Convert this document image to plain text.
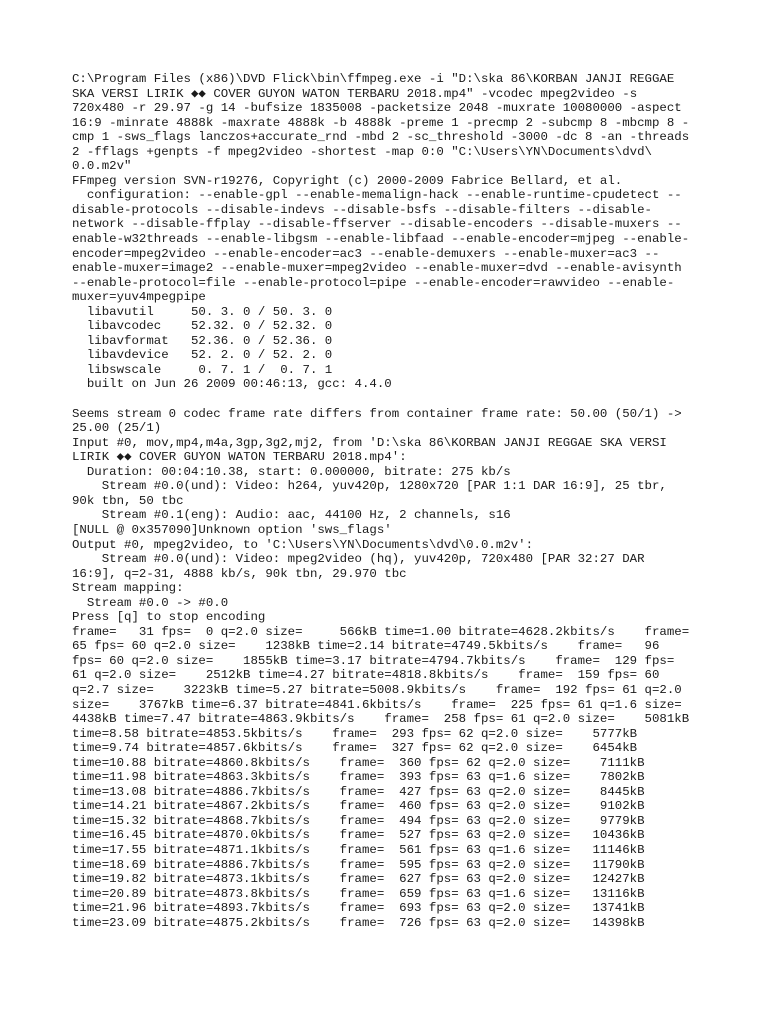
C:\Program Files (x86)\DVD Flick\bin\ffmpeg.exe -i "D:\ska 86\KORBAN JANJI REGGAE
SKA VERSI LIRIK ◆◆ COVER GUYON WATON TERBARU 2018.mp4" -vcodec mpeg2video -s
720x480 -r 29.97 -g 14 -bufsize 1835008 -packetsize 2048 -muxrate 10080000 -aspect
16:9 -minrate 4888k -maxrate 4888k -b 4888k -preme 1 -precmp 2 -subcmp 8 -mbcmp 8 -
cmp 1 -sws_flags lanczos+accurate_rnd -mbd 2 -sc_threshold -3000 -dc 8 -an -threads
2 -fflags +genpts -f mpeg2video -shortest -map 0:0 "C:\Users\YN\Documents\dvd\
0.0.m2v"
FFmpeg version SVN-r19276, Copyright (c) 2000-2009 Fabrice Bellard, et al.
configuration: --enable-gpl --enable-memalign-hack --enable-runtime-cpudetect --
disable-protocols --disable-indevs --disable-bsfs --disable-filters --disable-
network --disable-ffplay --disable-ffserver --disable-encoders --disable-muxers --
enable-w32threads --enable-libgsm --enable-libfaad --enable-encoder=mjpeg --enable-
encoder=mpeg2video --enable-encoder=ac3 --enable-demuxers --enable-muxer=ac3 --
enable-muxer=image2 --enable-muxer=mpeg2video --enable-muxer=dvd --enable-avisynth
--enable-protocol=file --enable-protocol=pipe --enable-encoder=rawvideo --enable-
muxer=yuv4mpegpipe
libavutil     50. 3. 0 / 50. 3. 0
libavcodec    52.32. 0 / 52.32. 0
libavformat   52.36. 0 / 52.36. 0
libavdevice   52. 2. 0 / 52. 2. 0
libswscale     0. 7. 1 /  0. 7. 1
built on Jun 26 2009 00:46:13, gcc: 4.4.0
Seems stream 0 codec frame rate differs from container frame rate: 50.00 (50/1) ->
25.00 (25/1)
Input #0, mov,mp4,m4a,3gp,3g2,mj2, from 'D:\ska 86\KORBAN JANJI REGGAE SKA VERSI
LIRIK ◆◆ COVER GUYON WATON TERBARU 2018.mp4':
Duration: 00:04:10.38, start: 0.000000, bitrate: 275 kb/s
Stream #0.0(und): Video: h264, yuv420p, 1280x720 [PAR 1:1 DAR 16:9], 25 tbr,
90k tbn, 50 tbc
Stream #0.1(eng): Audio: aac, 44100 Hz, 2 channels, s16
[NULL @ 0x357090]Unknown option 'sws_flags'
Output #0, mpeg2video, to 'C:\Users\YN\Documents\dvd\0.0.m2v':
Stream #0.0(und): Video: mpeg2video (hq), yuv420p, 720x480 [PAR 32:27 DAR
16:9], q=2-31, 4888 kb/s, 90k tbn, 29.970 tbc
Stream mapping:
Stream #0.0 -> #0.0
Press [q] to stop encoding
frame=   31 fps=  0 q=2.0 size=     566kB time=1.00 bitrate=4628.2kbits/s    frame=
65 fps= 60 q=2.0 size=    1238kB time=2.14 bitrate=4749.5kbits/s    frame=   96
fps= 60 q=2.0 size=    1855kB time=3.17 bitrate=4794.7kbits/s    frame=  129 fps=
61 q=2.0 size=    2512kB time=4.27 bitrate=4818.8kbits/s    frame=  159 fps= 60
q=2.7 size=    3223kB time=5.27 bitrate=5008.9kbits/s    frame=  192 fps= 61 q=2.0
size=    3767kB time=6.37 bitrate=4841.6kbits/s    frame=  225 fps= 61 q=1.6 size=
4438kB time=7.47 bitrate=4863.9kbits/s    frame=  258 fps= 61 q=2.0 size=    5081kB
time=8.58 bitrate=4853.5kbits/s    frame=  293 fps= 62 q=2.0 size=    5777kB
time=9.74 bitrate=4857.6kbits/s    frame=  327 fps= 62 q=2.0 size=    6454kB
time=10.88 bitrate=4860.8kbits/s    frame=  360 fps= 62 q=2.0 size=    7111kB
time=11.98 bitrate=4863.3kbits/s    frame=  393 fps= 63 q=1.6 size=    7802kB
time=13.08 bitrate=4886.7kbits/s    frame=  427 fps= 63 q=2.0 size=    8445kB
time=14.21 bitrate=4867.2kbits/s    frame=  460 fps= 63 q=2.0 size=    9102kB
time=15.32 bitrate=4868.7kbits/s    frame=  494 fps= 63 q=2.0 size=    9779kB
time=16.45 bitrate=4870.0kbits/s    frame=  527 fps= 63 q=2.0 size=   10436kB
time=17.55 bitrate=4871.1kbits/s    frame=  561 fps= 63 q=1.6 size=   11146kB
time=18.69 bitrate=4886.7kbits/s    frame=  595 fps= 63 q=2.0 size=   11790kB
time=19.82 bitrate=4873.1kbits/s    frame=  627 fps= 63 q=2.0 size=   12427kB
time=20.89 bitrate=4873.8kbits/s    frame=  659 fps= 63 q=1.6 size=   13116kB
time=21.96 bitrate=4893.7kbits/s    frame=  693 fps= 63 q=2.0 size=   13741kB
time=23.09 bitrate=4875.2kbits/s    frame=  726 fps= 63 q=2.0 size=   14398kB
